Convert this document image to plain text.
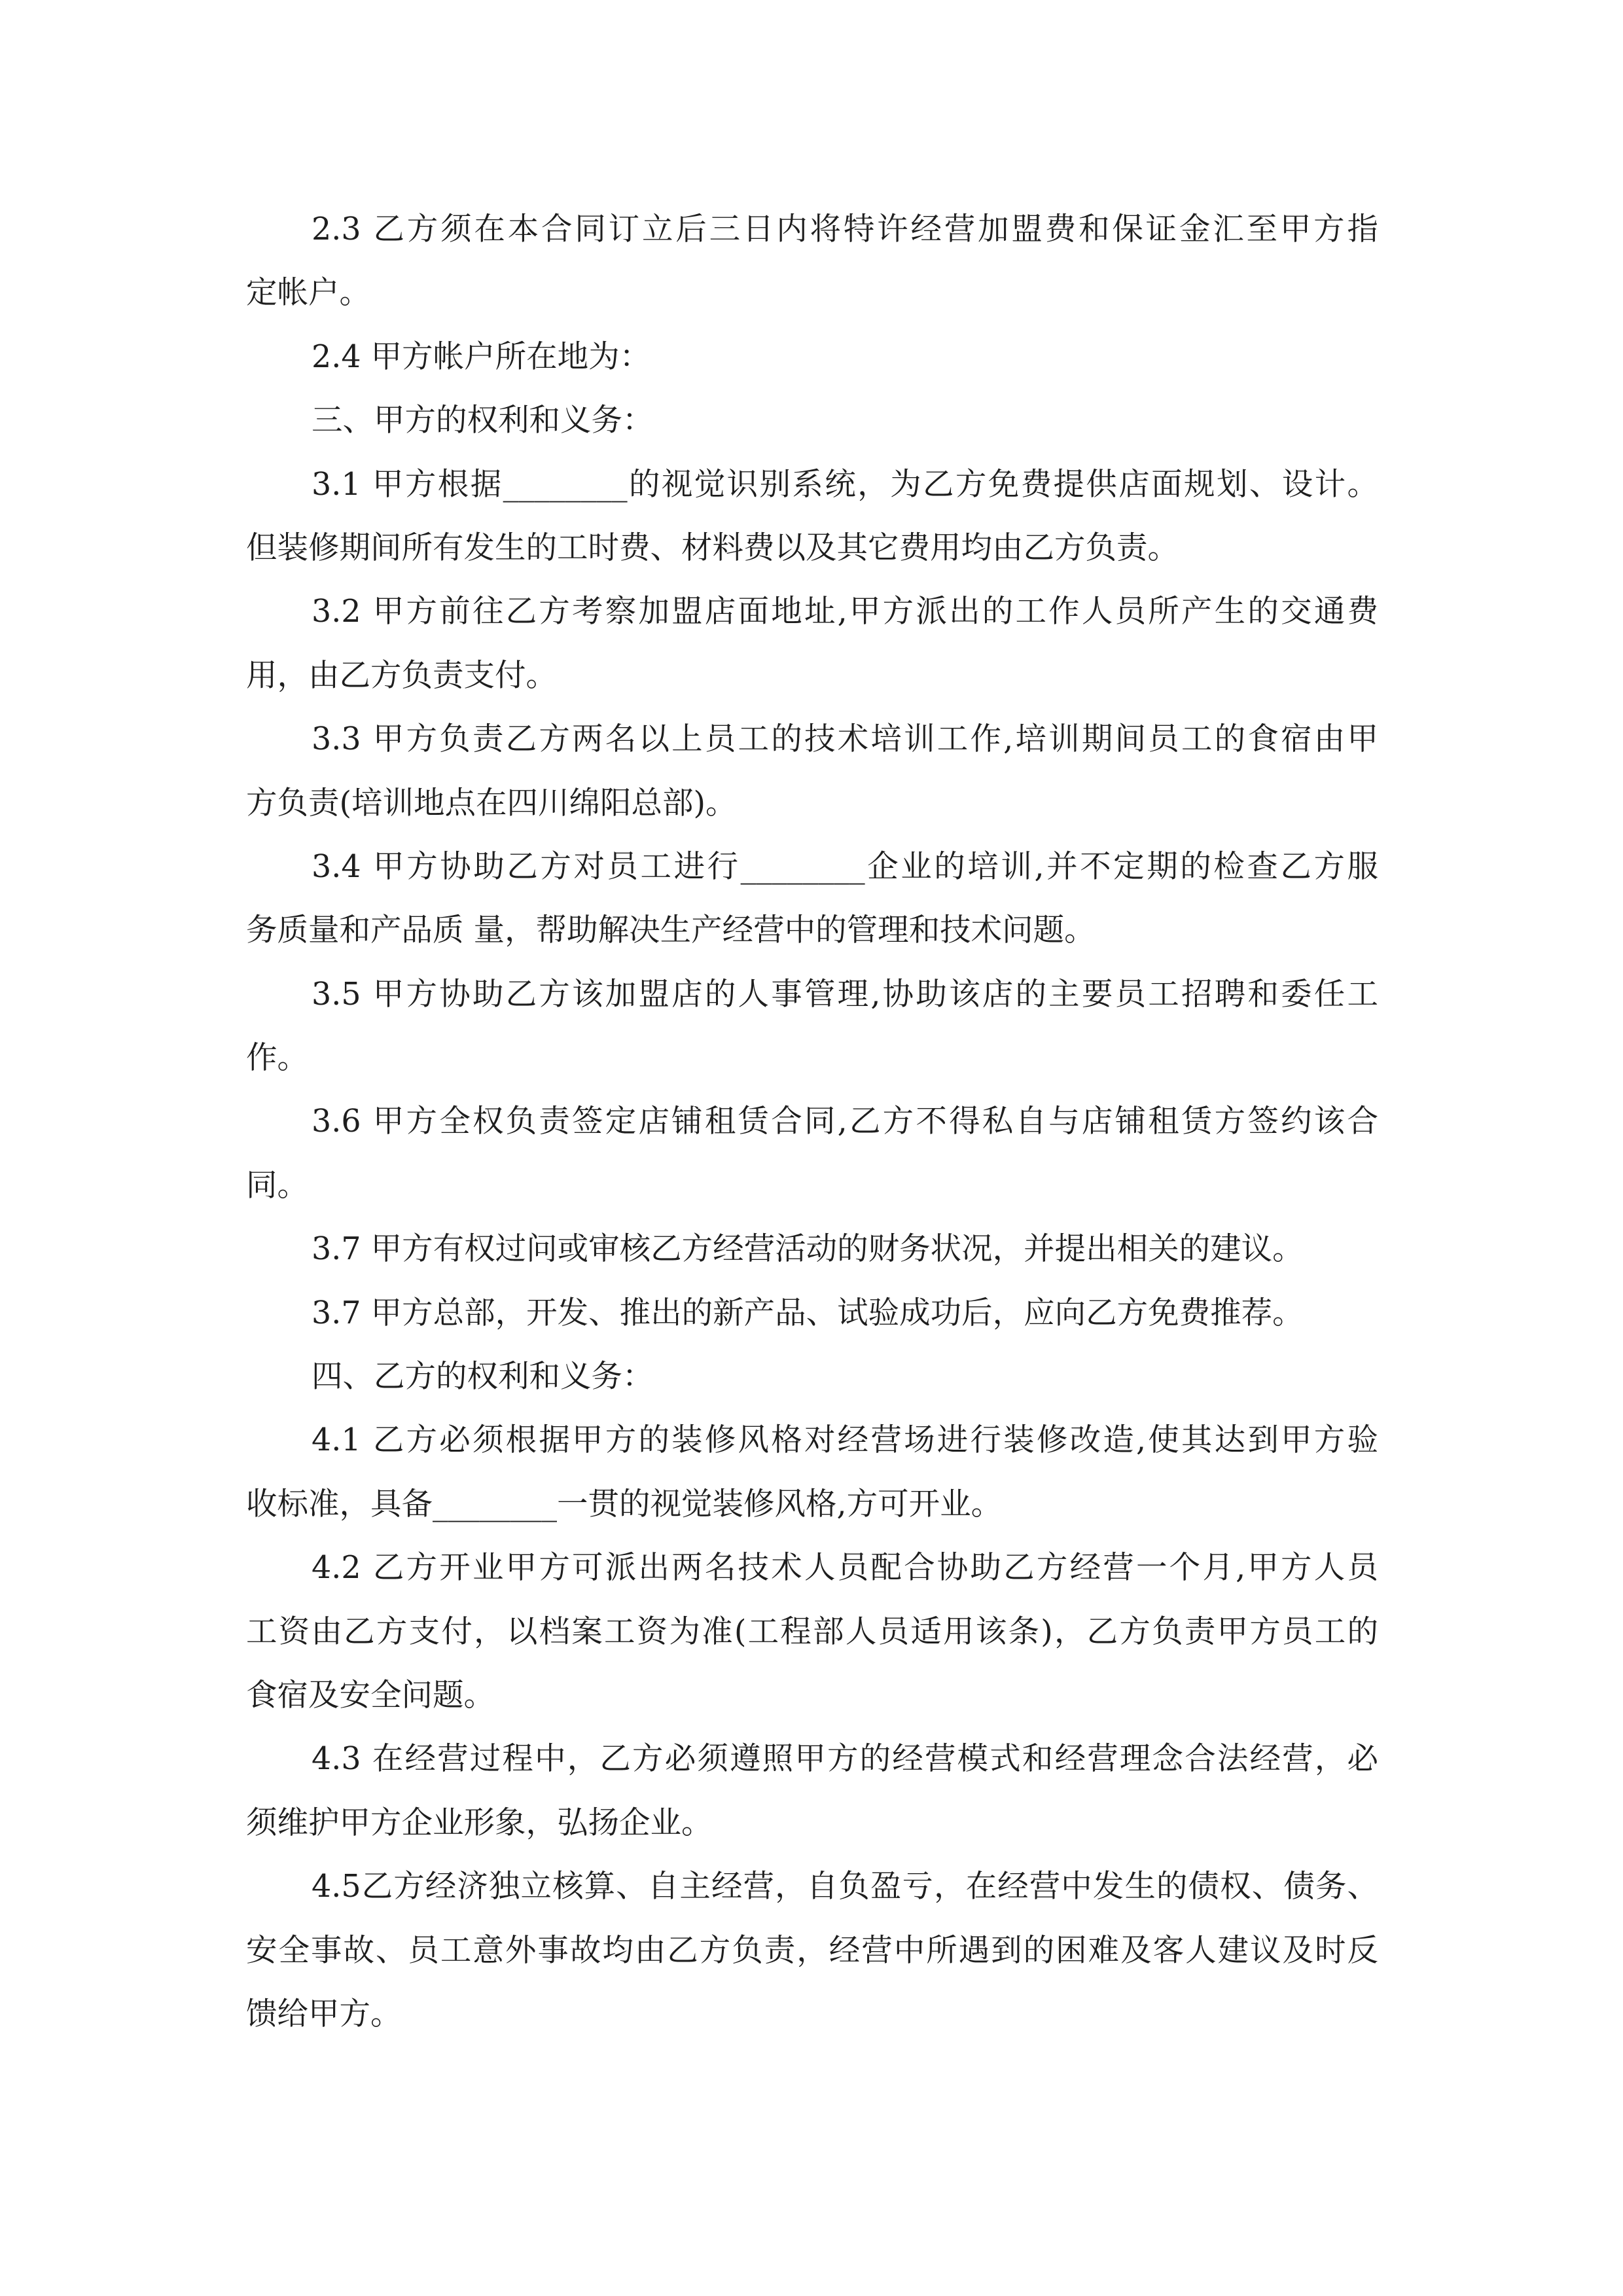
2.3 乙方须在本合同订立后三日内将特许经营加盟费和保证金汇至甲方指
定帐户。
2.4 甲方帐户所在地为：
三、甲方的权利和义务：
3.1 甲方根据________的视觉识别系统，为乙方免费提供店面规划、设计。
但装修期间所有发生的工时费、材料费以及其它费用均由乙方负责。
3.2 甲方前往乙方考察加盟店面地址,甲方派出的工作人员所产生的交通费
用，由乙方负责支付。
3.3 甲方负责乙方两名以上员工的技术培训工作,培训期间员工的食宿由甲
方负责(培训地点在四川绵阳总部)。
3.4 甲方协助乙方对员工进行________企业的培训,并不定期的检查乙方服
务质量和产品质 量，帮助解决生产经营中的管理和技术问题。
3.5 甲方协助乙方该加盟店的人事管理,协助该店的主要员工招聘和委任工
作。
3.6 甲方全权负责签定店铺租赁合同,乙方不得私自与店铺租赁方签约该合
同。
3.7 甲方有权过问或审核乙方经营活动的财务状况，并提出相关的建议。
3.7 甲方总部，开发、推出的新产品、试验成功后，应向乙方免费推荐。
四、乙方的权利和义务：
4.1 乙方必须根据甲方的装修风格对经营场进行装修改造,使其达到甲方验
收标准，具备________一贯的视觉装修风格,方可开业。
4.2 乙方开业甲方可派出两名技术人员配合协助乙方经营一个月,甲方人员
工资由乙方支付，以档案工资为准(工程部人员适用该条)，乙方负责甲方员工的
食宿及安全问题。
4.3 在经营过程中，乙方必须遵照甲方的经营模式和经营理念合法经营，必
须维护甲方企业形象，弘扬企业。
4.5乙方经济独立核算、自主经营，自负盈亏，在经营中发生的债权、债务、
安全事故、员工意外事故均由乙方负责，经营中所遇到的困难及客人建议及时反
馈给甲方。
